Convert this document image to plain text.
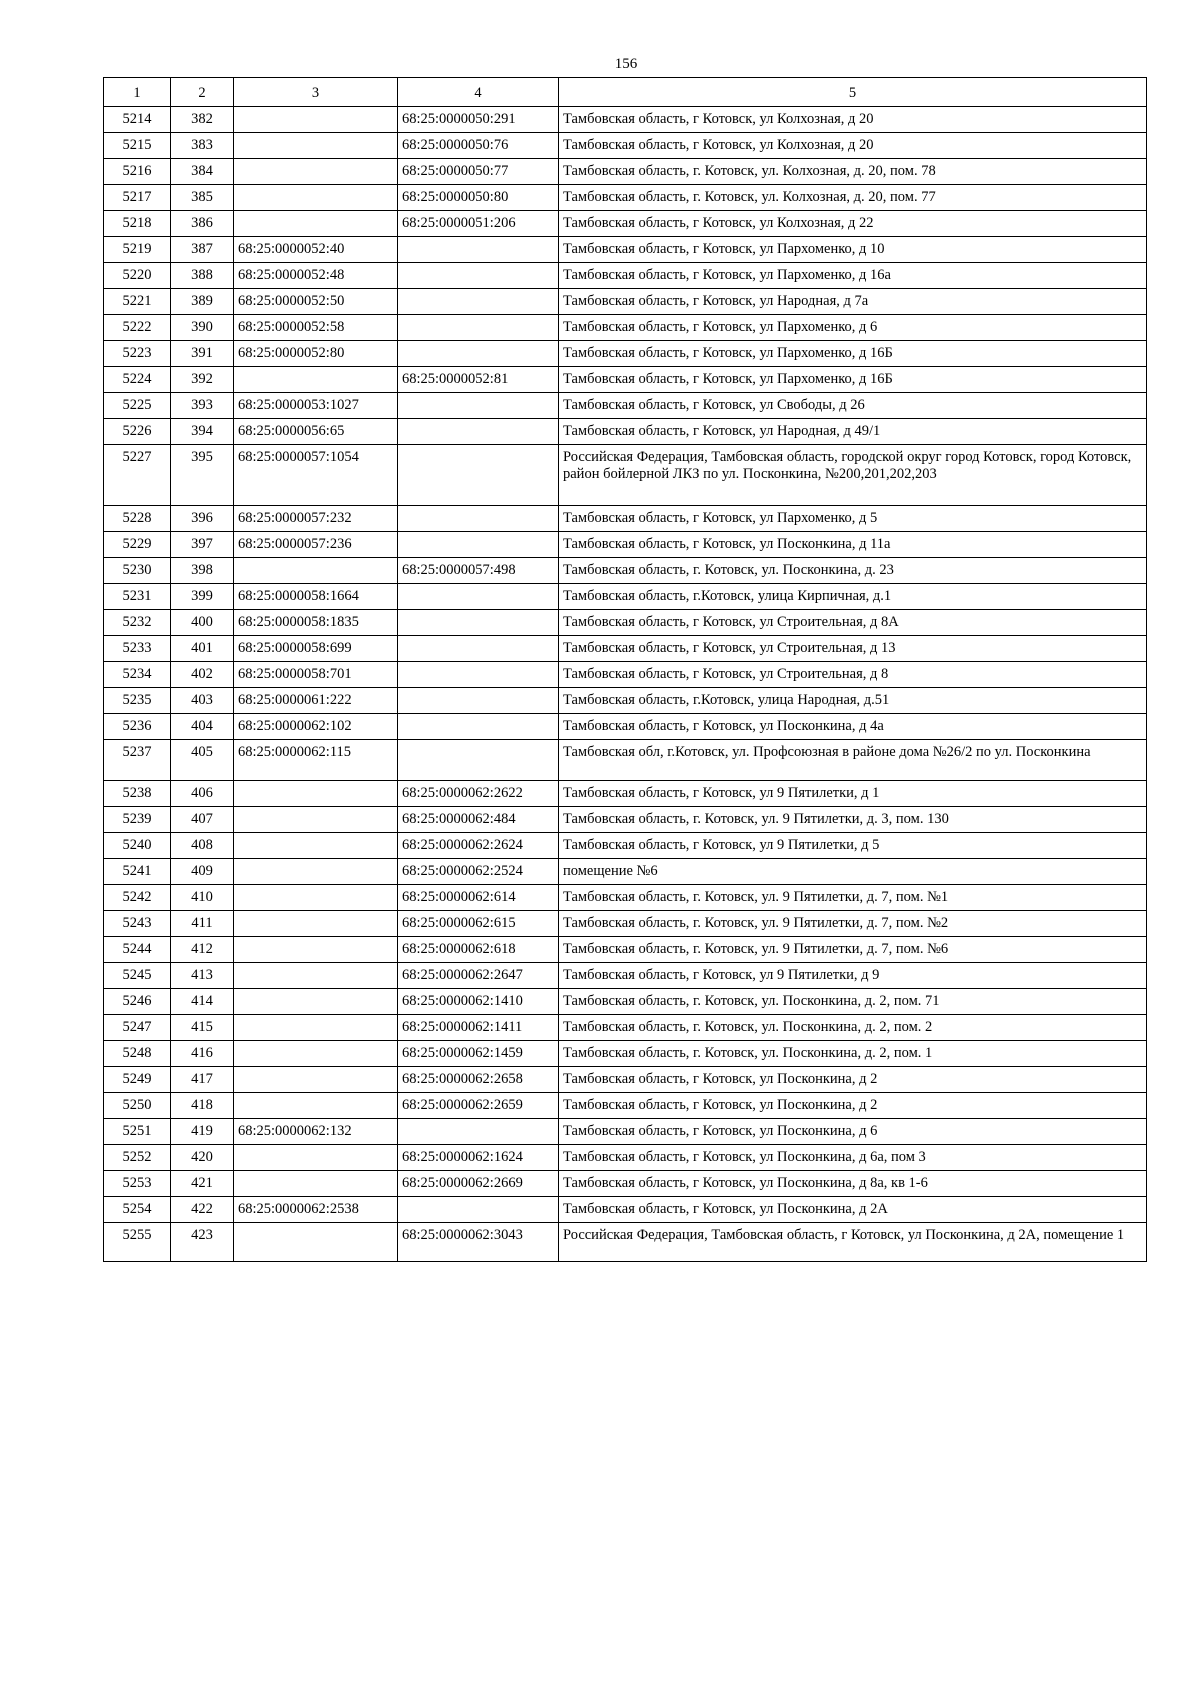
156
1	2	3	4	5
5214	382		68:25:0000050:291	Тамбовская область, г Котовск, ул Колхозная, д 20
5215	383		68:25:0000050:76	Тамбовская область, г Котовск, ул Колхозная, д 20
5216	384		68:25:0000050:77	Тамбовская область, г. Котовск, ул. Колхозная, д. 20, пом. 78
5217	385		68:25:0000050:80	Тамбовская область, г. Котовск, ул. Колхозная, д. 20, пом. 77
5218	386		68:25:0000051:206	Тамбовская область, г Котовск, ул Колхозная, д 22
5219	387	68:25:0000052:40		Тамбовская область, г Котовск, ул Пархоменко, д 10
5220	388	68:25:0000052:48		Тамбовская область, г Котовск, ул Пархоменко, д 16а
5221	389	68:25:0000052:50		Тамбовская область, г Котовск, ул Народная, д 7а
5222	390	68:25:0000052:58		Тамбовская область, г Котовск, ул Пархоменко, д 6
5223	391	68:25:0000052:80		Тамбовская область, г Котовск, ул Пархоменко, д 16Б
5224	392		68:25:0000052:81	Тамбовская область, г Котовск, ул Пархоменко, д 16Б
5225	393	68:25:0000053:1027		Тамбовская область, г Котовск, ул Свободы, д 26
5226	394	68:25:0000056:65		Тамбовская область, г Котовск, ул Народная, д 49/1
5227	395	68:25:0000057:1054		Российская Федерация, Тамбовская область, городской округ город Котовск, город Котовск, район бойлерной ЛКЗ по ул. Посконкина, №200,201,202,203
5228	396	68:25:0000057:232		Тамбовская область, г Котовск, ул Пархоменко, д 5
5229	397	68:25:0000057:236		Тамбовская область, г Котовск, ул Посконкина, д 11а
5230	398		68:25:0000057:498	Тамбовская область, г. Котовск, ул. Посконкина, д. 23
5231	399	68:25:0000058:1664		Тамбовская область, г.Котовск, улица Кирпичная, д.1
5232	400	68:25:0000058:1835		Тамбовская область, г Котовск, ул Строительная, д 8А
5233	401	68:25:0000058:699		Тамбовская область, г Котовск, ул Строительная, д 13
5234	402	68:25:0000058:701		Тамбовская область, г Котовск, ул Строительная, д 8
5235	403	68:25:0000061:222		Тамбовская область, г.Котовск, улица Народная, д.51
5236	404	68:25:0000062:102		Тамбовская область, г Котовск, ул Посконкина, д 4а
5237	405	68:25:0000062:115		Тамбовская обл, г.Котовск, ул. Профсоюзная в районе дома №26/2 по ул. Посконкина
5238	406		68:25:0000062:2622	Тамбовская область, г Котовск, ул 9 Пятилетки, д 1
5239	407		68:25:0000062:484	Тамбовская область, г. Котовск, ул. 9 Пятилетки, д. 3, пом. 130
5240	408		68:25:0000062:2624	Тамбовская область, г Котовск, ул 9 Пятилетки, д 5
5241	409		68:25:0000062:2524	помещение №6
5242	410		68:25:0000062:614	Тамбовская область, г. Котовск, ул. 9 Пятилетки, д. 7, пом. №1
5243	411		68:25:0000062:615	Тамбовская область, г. Котовск, ул. 9 Пятилетки, д. 7, пом. №2
5244	412		68:25:0000062:618	Тамбовская область, г. Котовск, ул. 9 Пятилетки, д. 7, пом. №6
5245	413		68:25:0000062:2647	Тамбовская область, г Котовск, ул 9 Пятилетки, д 9
5246	414		68:25:0000062:1410	Тамбовская область, г. Котовск, ул. Посконкина, д. 2, пом. 71
5247	415		68:25:0000062:1411	Тамбовская область, г. Котовск, ул. Посконкина, д. 2, пом. 2
5248	416		68:25:0000062:1459	Тамбовская область, г. Котовск, ул. Посконкина, д. 2, пом. 1
5249	417		68:25:0000062:2658	Тамбовская область, г Котовск, ул Посконкина, д 2
5250	418		68:25:0000062:2659	Тамбовская область, г Котовск, ул Посконкина, д 2
5251	419	68:25:0000062:132		Тамбовская область, г Котовск, ул Посконкина, д 6
5252	420		68:25:0000062:1624	Тамбовская область, г Котовск, ул Посконкина, д 6а, пом 3
5253	421		68:25:0000062:2669	Тамбовская область, г Котовск, ул Посконкина, д 8а, кв 1-6
5254	422	68:25:0000062:2538		Тамбовская область, г Котовск, ул Посконкина, д 2А
5255	423		68:25:0000062:3043	Российская Федерация, Тамбовская область, г Котовск, ул Посконкина, д 2А, помещение 1
